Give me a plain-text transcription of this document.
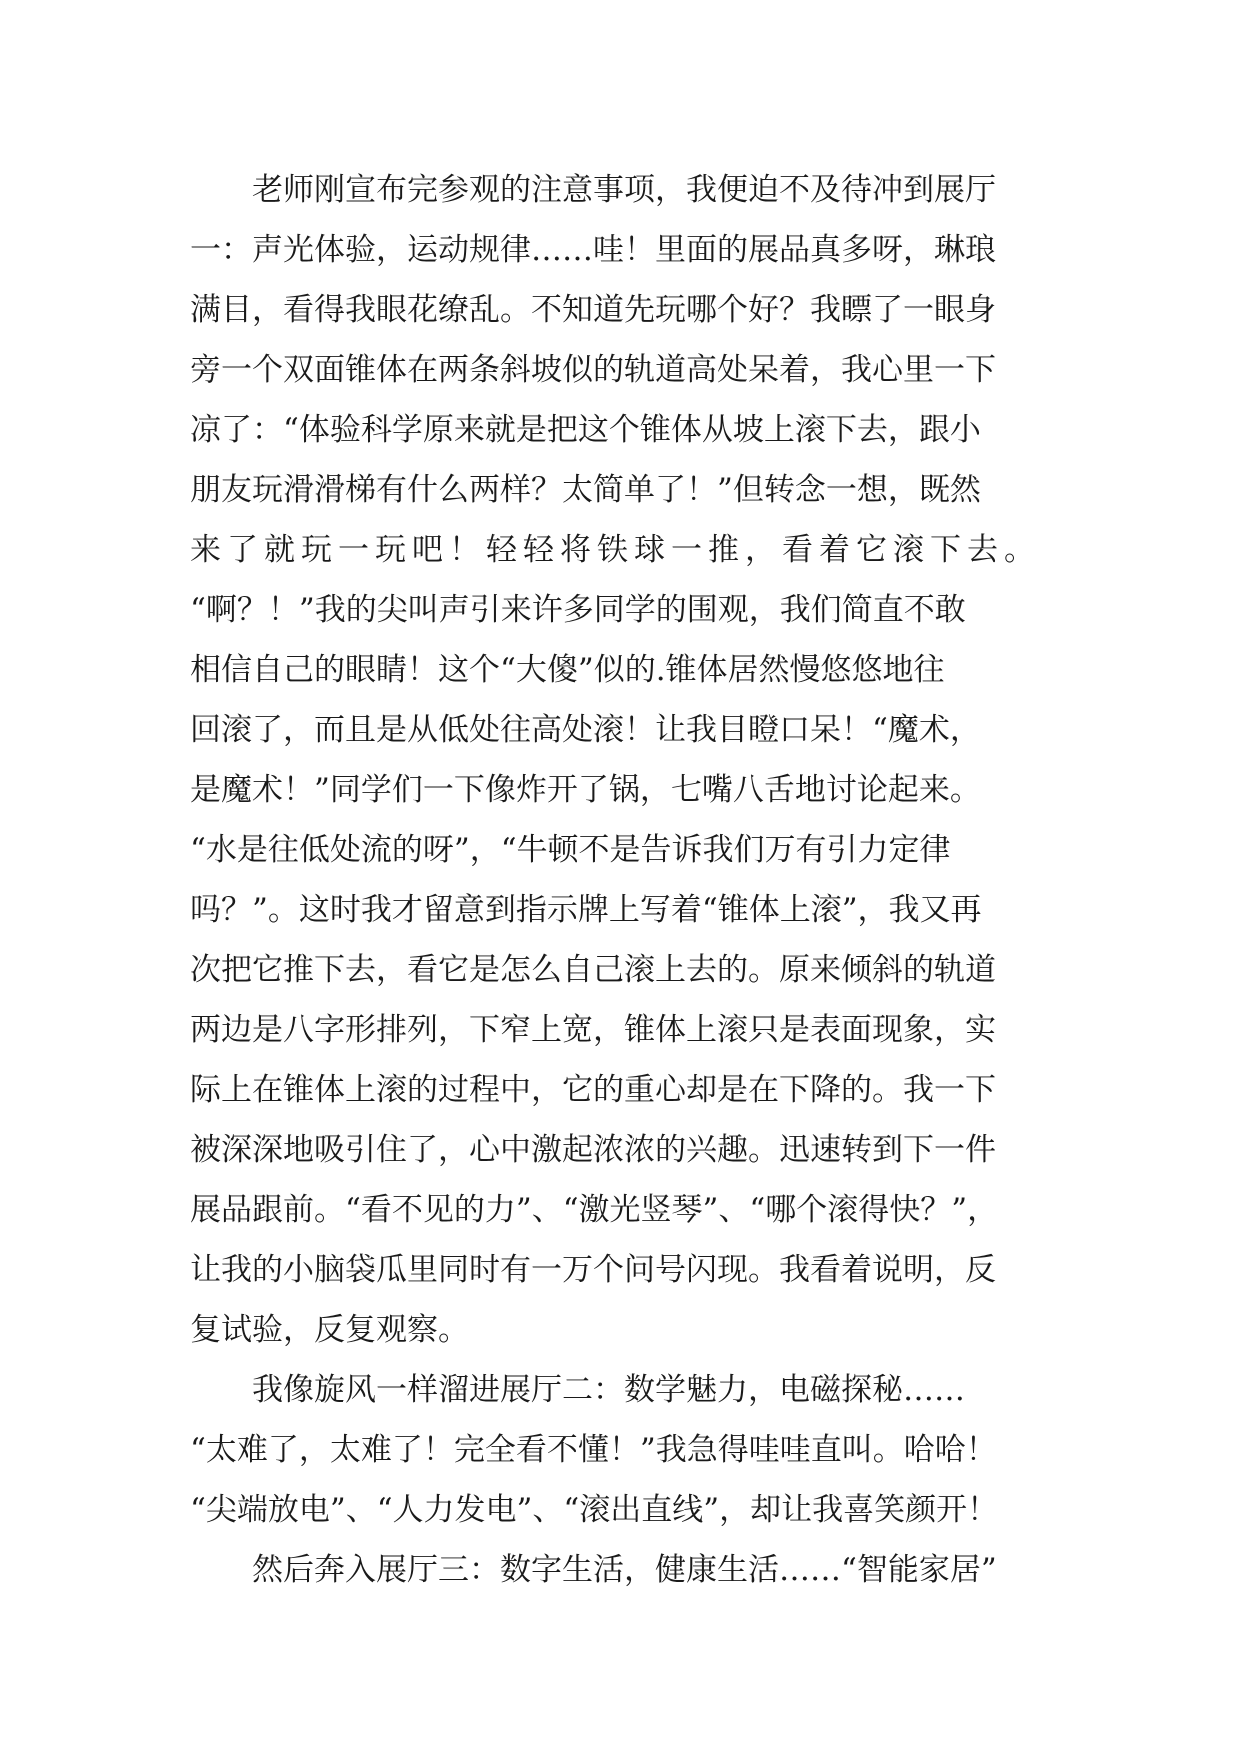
老师刚宣布完参观的注意事项，我便迫不及待冲到展厅
一：声光体验，运动规律……哇！里面的展品真多呀，琳琅
满目，看得我眼花缭乱。不知道先玩哪个好？我瞟了一眼身
旁一个双面锥体在两条斜坡似的轨道高处呆着，我心里一下
凉了：“体验科学原来就是把这个锥体从坡上滚下去，跟小
朋友玩滑滑梯有什么两样？太简单了！”但转念一想，既然
来了就玩一玩吧！轻轻将铁球一推，看着它滚下去。
“啊？！”我的尖叫声引来许多同学的围观，我们简直不敢
相信自己的眼睛！这个“大傻”似的.锥体居然慢悠悠地往
回滚了，而且是从低处往高处滚！让我目瞪口呆！“魔术，
是魔术！”同学们一下像炸开了锅，七嘴八舌地讨论起来。
“水是往低处流的呀”，“牛顿不是告诉我们万有引力定律
吗？”。这时我才留意到指示牌上写着“锥体上滚”，我又再
次把它推下去，看它是怎么自己滚上去的。原来倾斜的轨道
两边是八字形排列，下窄上宽，锥体上滚只是表面现象，实
际上在锥体上滚的过程中，它的重心却是在下降的。我一下
被深深地吸引住了，心中激起浓浓的兴趣。迅速转到下一件
展品跟前。“看不见的力”、“激光竖琴”、“哪个滚得快？”，
让我的小脑袋瓜里同时有一万个问号闪现。我看着说明，反
复试验，反复观察。
我像旋风一样溜进展厅二：数学魅力，电磁探秘……
“太难了，太难了！完全看不懂！”我急得哇哇直叫。哈哈！
“尖端放电”、“人力发电”、“滚出直线”，却让我喜笑颜开！
然后奔入展厅三：数字生活，健康生活……“智能家居”
